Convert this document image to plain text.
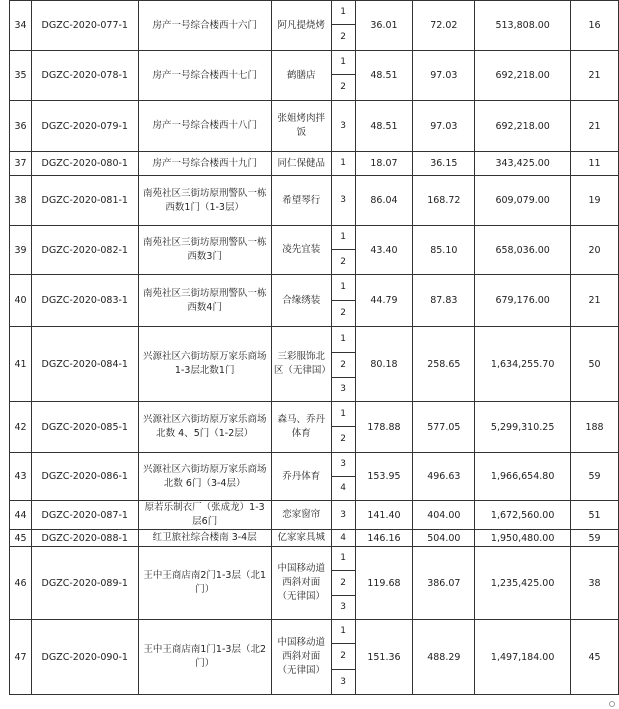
34	DGZC-2020-077-1	房产一号综合楼西十六门	阿凡提烧烤	1	36.01	72.02	513,808.00	16
				2				
35	DGZC-2020-078-1	房产一号综合楼西十七门	鹤膳店	1	48.51	97.03	692,218.00	21
				2				
36	DGZC-2020-079-1	房产一号综合楼西十八门	张姐烤肉拌饭	3	48.51	97.03	692,218.00	21
37	DGZC-2020-080-1	房产一号综合楼西十九门	同仁保健品	1	18.07	36.15	343,425.00	11
38	DGZC-2020-081-1	南苑社区三街坊原刑警队一栋　西数1门（1-3层）	希望琴行	3	86.04	168.72	609,079.00	19
39	DGZC-2020-082-1	南苑社区三街坊原刑警队一栋　西数3门	凌先宜装	1	43.40	85.10	658,036.00	20
				2				
40	DGZC-2020-083-1	南苑社区三街坊原刑警队一栋　西数4门	合缘绣装	1	44.79	87.83	679,176.00	21
				2				
41	DGZC-2020-084-1	兴源社区六街坊原万家乐商场 1-3层北数1门	三彩服饰北区（无律国）	1	80.18	258.65	1,634,255.70	50
				2				
				3				
42	DGZC-2020-085-1	兴源社区六街坊原万家乐商场北数 4、5门（1-2层）	森马、乔丹体育	1	178.88	577.05	5,299,310.25	188
				2				
43	DGZC-2020-086-1	兴源社区六街坊原万家乐商场北数 6门（3-4层）	乔丹体育	3	153.95	496.63	1,966,654.80	59
				4				
44	DGZC-2020-087-1	原若乐制衣厂（张成龙）1-3层6门	恋家窗帘	3	141.40	404.00	1,672,560.00	51
45	DGZC-2020-088-1	红卫旅社综合楼南 3-4层	亿家家具城	4	146.16	504.00	1,950,480.00	59
46	DGZC-2020-089-1	王中王商店南2门1-3层（北1门）	中国移动道西斜对面（无律国）	1	119.68	386.07	1,235,425.00	38
				2				
				3				
47	DGZC-2020-090-1	王中王商店南1门1-3层（北2门）	中国移动道西斜对面（无律国）	1	151.36	488.29	1,497,184.00	45
				2				
				3				
